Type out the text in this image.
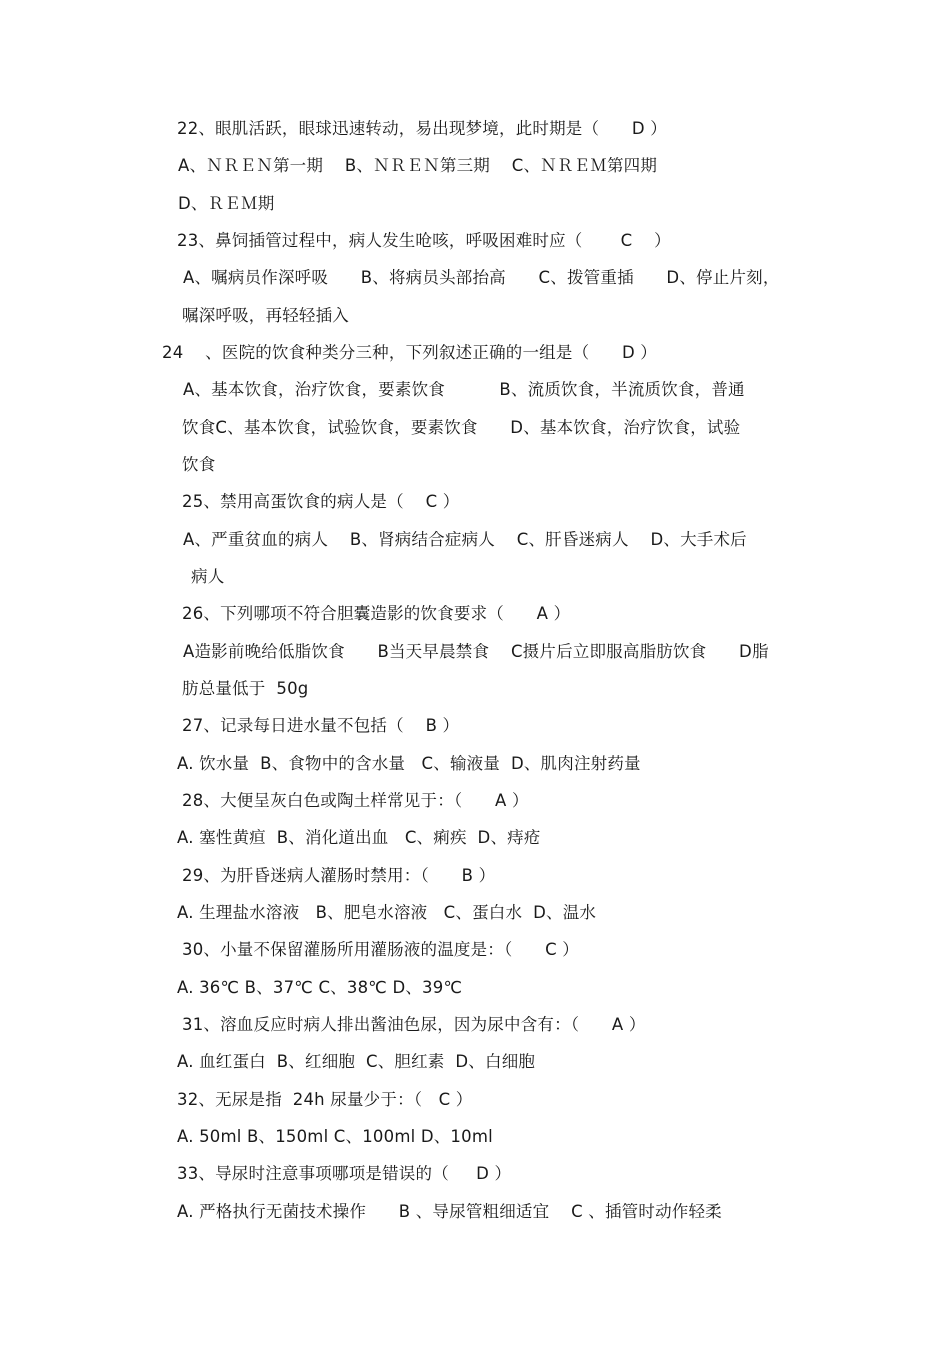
22、眼肌活跃，眼球迅速转动，易出现梦境，此时期是（      D ）
A、ＮＲＥＮ第一期    B、ＮＲＥＮ第三期    C、ＮＲＥＭ第四期
D、ＲＥＭ期
23、鼻饲插管过程中，病人发生呛咳，呼吸困难时应（       C    ）
A、嘱病员作深呼吸      B、将病员头部抬高      C、拨管重插      D、停止片刻，
嘱深呼吸，再轻轻插入
24    、医院的饮食种类分三种，下列叙述正确的一组是（      D ）
A、基本饮食，治疗饮食，要素饮食          B、流质饮食，半流质饮食，普通
饮食C、基本饮食，试验饮食，要素饮食      D、基本饮食，治疗饮食，试验
饮食
25、禁用高蛋饮食的病人是（    C ）
A、严重贫血的病人    B、肾病结合症病人    C、肝昏迷病人    D、大手术后
病人
26、下列哪项不符合胆囊造影的饮食要求（      A ）
A造影前晚给低脂饮食      B当天早晨禁食    C摄片后立即服高脂肪饮食      D脂
肪总量低于  50g
27、记录每日进水量不包括（    B ）
A. 饮水量  B、食物中的含水量   C、输液量  D、肌肉注射药量
28、大便呈灰白色或陶土样常见于：（      A ）
A. 塞性黄疸  B、消化道出血   C、痢疾  D、痔疮
29、为肝昏迷病人灌肠时禁用：（      B ）
A. 生理盐水溶液   B、肥皂水溶液   C、蛋白水  D、温水
30、小量不保留灌肠所用灌肠液的温度是：（      C ）
A. 36℃ B、37℃ C、38℃ D、39℃
31、溶血反应时病人排出酱油色尿，因为尿中含有：（      A ）
A. 血红蛋白  B、红细胞  C、胆红素  D、白细胞
32、无尿是指  24h 尿量少于：（   C ）
A. 50ml B、150ml C、100ml D、10ml
33、导尿时注意事项哪项是错误的（     D ）
A. 严格执行无菌技术操作      B 、导尿管粗细适宜    C 、插管时动作轻柔
